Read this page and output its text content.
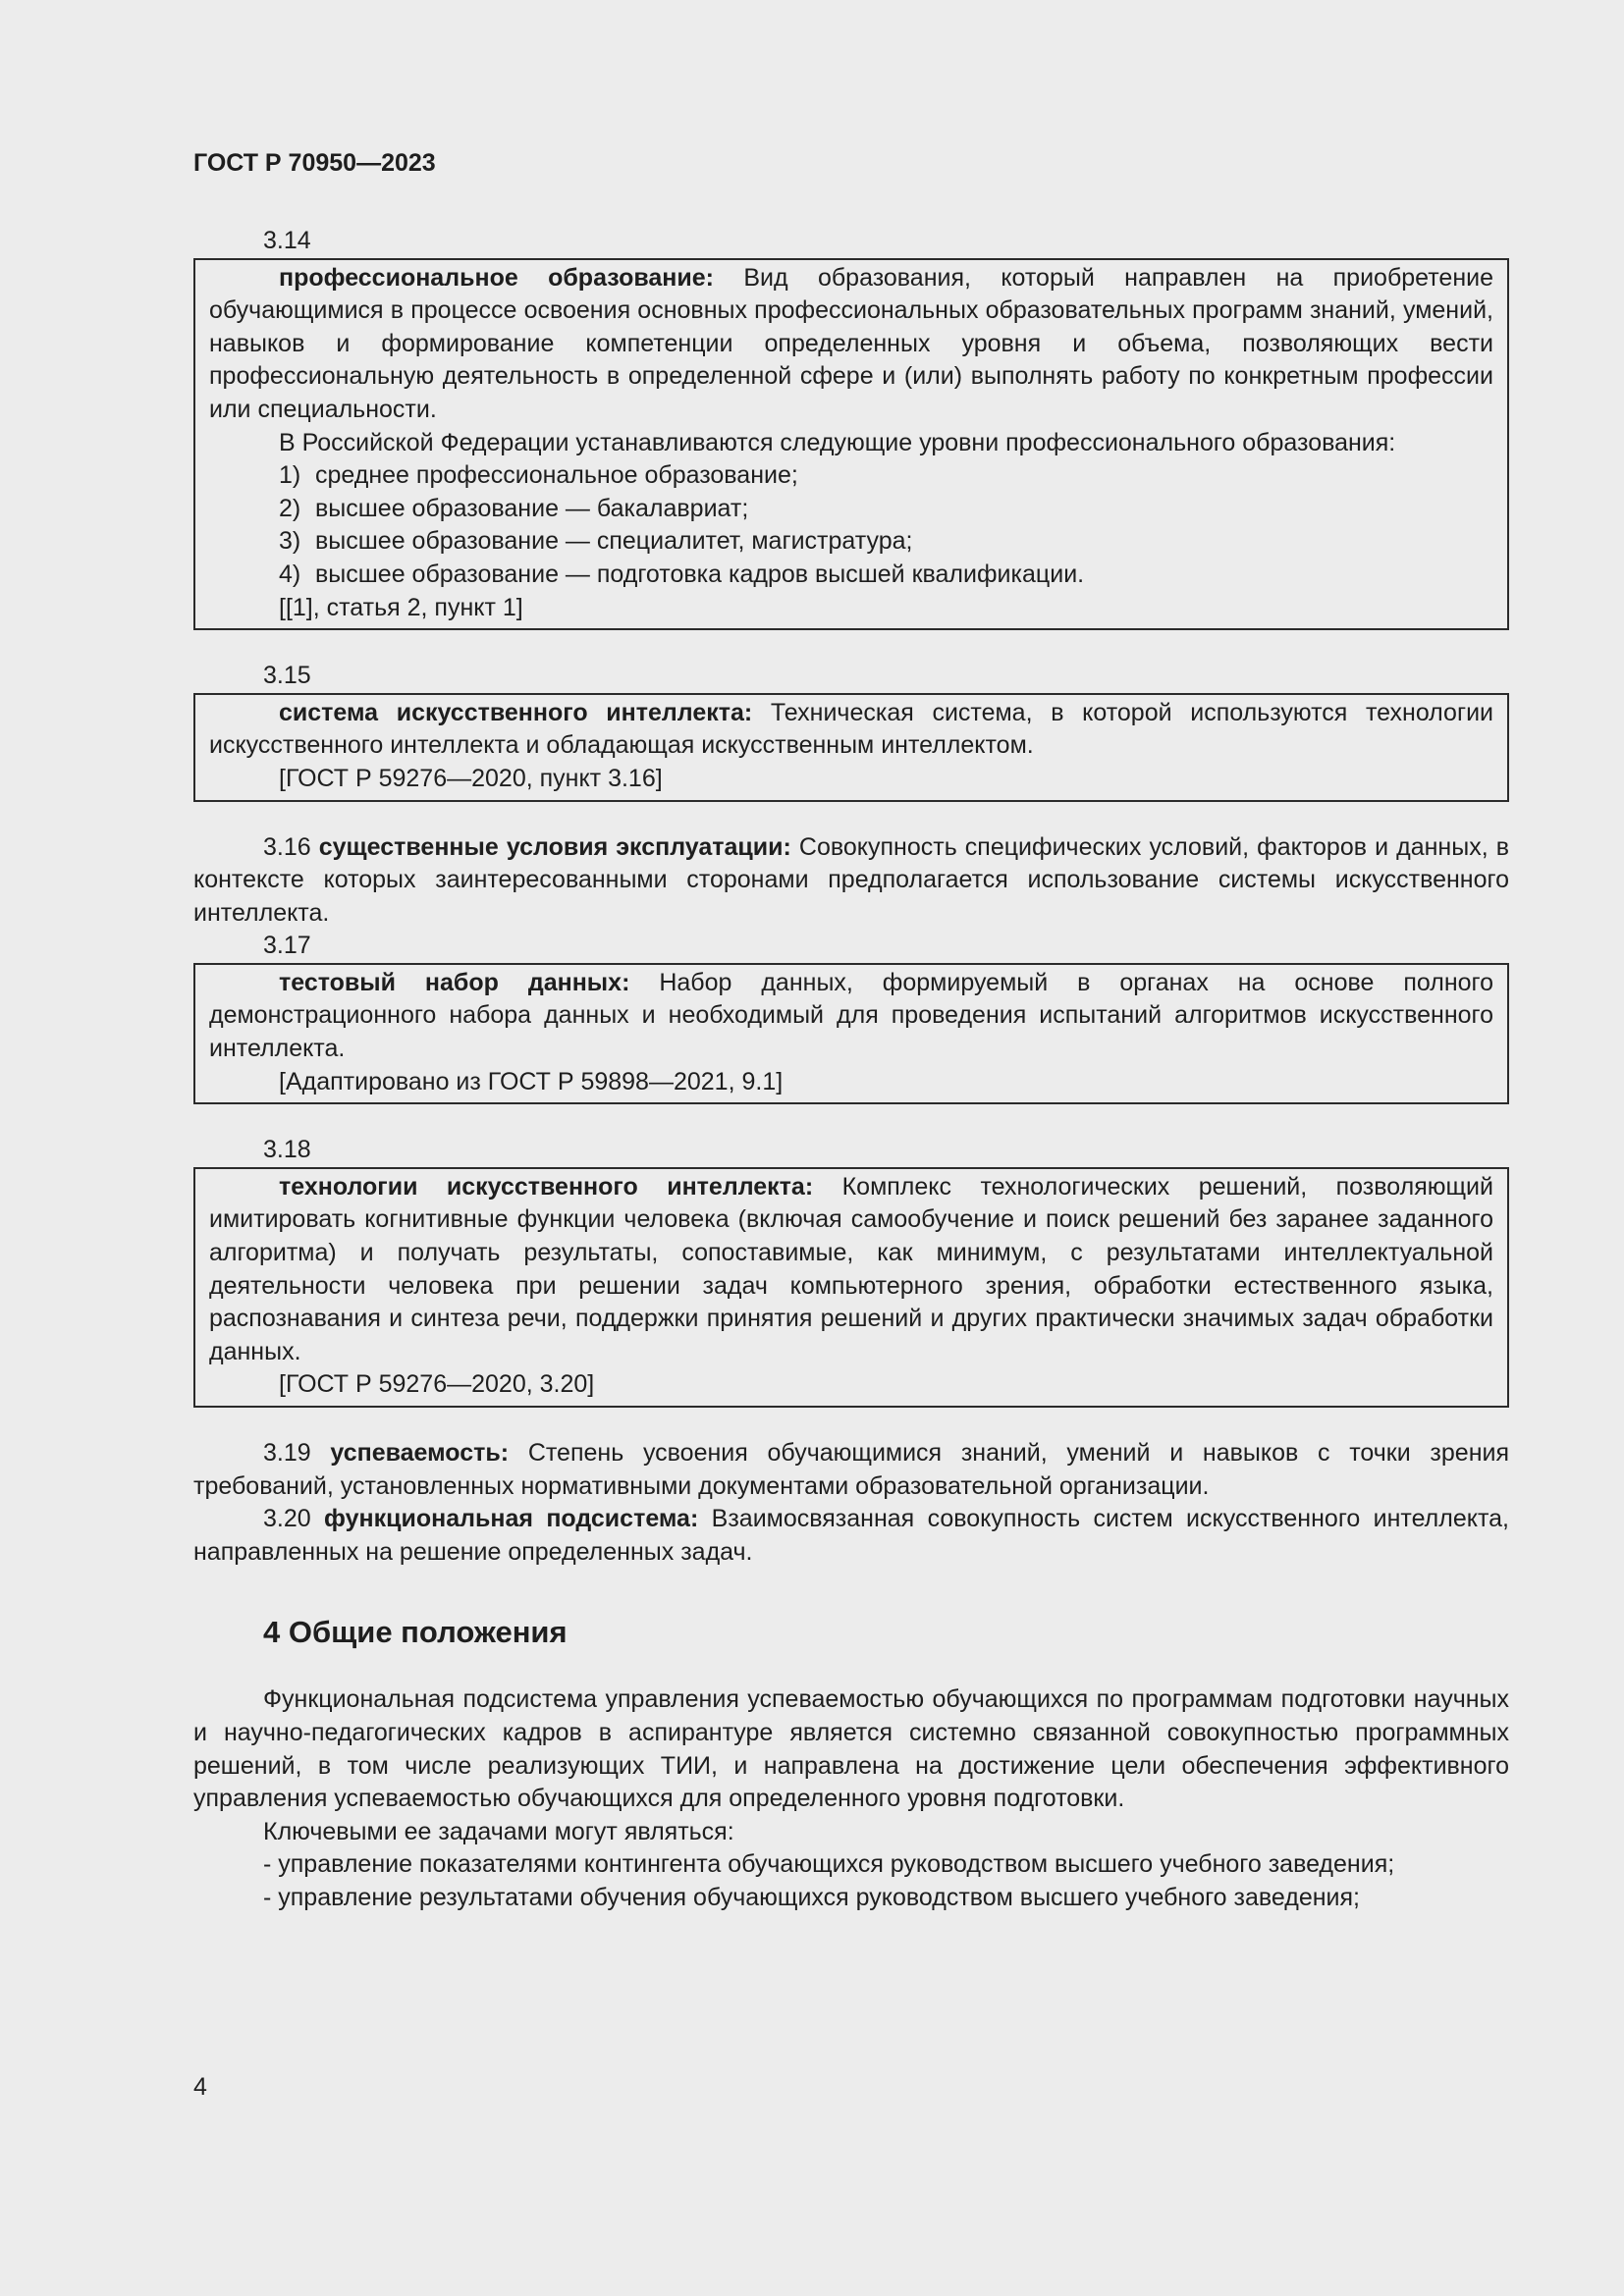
ГОСТ Р 70950—2023
3.14

профессиональное образование: Вид образования, который направлен на приобретение обучающимися в процессе освоения основных профессиональных образовательных программ знаний, умений, навыков и формирование компетенции определенных уровня и объема, позволяющих вести профессиональную деятельность в определенной сфере и (или) выполнять работу по конкретным профессии или специальности.

В Российской Федерации устанавливаются следующие уровни профессионального образования:

1) среднее профессиональное образование;
2) высшее образование — бакалавриат;
3) высшее образование — специалитет, магистратура;
4) высшее образование — подготовка кадров высшей квалификации.
[[1], статья 2, пункт 1]
3.15

система искусственного интеллекта: Техническая система, в которой используются технологии искусственного интеллекта и обладающая искусственным интеллектом.

[ГОСТ Р 59276—2020, пункт 3.16]

3.16 существенные условия эксплуатации: Совокупность специфических условий, факторов и данных, в контексте которых заинтересованными сторонами предполагается использование системы искусственного интеллекта.

3.17

тестовый набор данных: Набор данных, формируемый в органах на основе полного демонстрационного набора данных и необходимый для проведения испытаний алгоритмов искусственного интеллекта.

[Адаптировано из ГОСТ Р 59898—2021, 9.1]
3.18

технологии искусственного интеллекта: Комплекс технологических решений, позволяющий имитировать когнитивные функции человека (включая самообучение и поиск решений без заранее заданного алгоритма) и получать результаты, сопоставимые, как минимум, с результатами интеллектуальной деятельности человека при решении задач компьютерного зрения, обработки естественного языка, распознавания и синтеза речи, поддержки принятия решений и других практически значимых задач обработки данных.

[ГОСТ Р 59276—2020, 3.20]

3.19 успеваемость: Степень усвоения обучающимися знаний, умений и навыков с точки зрения требований, установленных нормативными документами образовательной организации.

3.20 функциональная подсистема: Взаимосвязанная совокупность систем искусственного интеллекта, направленных на решение определенных задач.

4 Общие положения

Функциональная подсистема управления успеваемостью обучающихся по программам подготовки научных и научно-педагогических кадров в аспирантуре является системно связанной совокупностью программных решений, в том числе реализующих ТИИ, и направлена на достижение цели обеспечения эффективного управления успеваемостью обучающихся для определенного уровня подготовки.

Ключевыми ее задачами могут являться:

- управление показателями контингента обучающихся руководством высшего учебного заведения;

- управление результатами обучения обучающихся руководством высшего учебного заведения;

4
